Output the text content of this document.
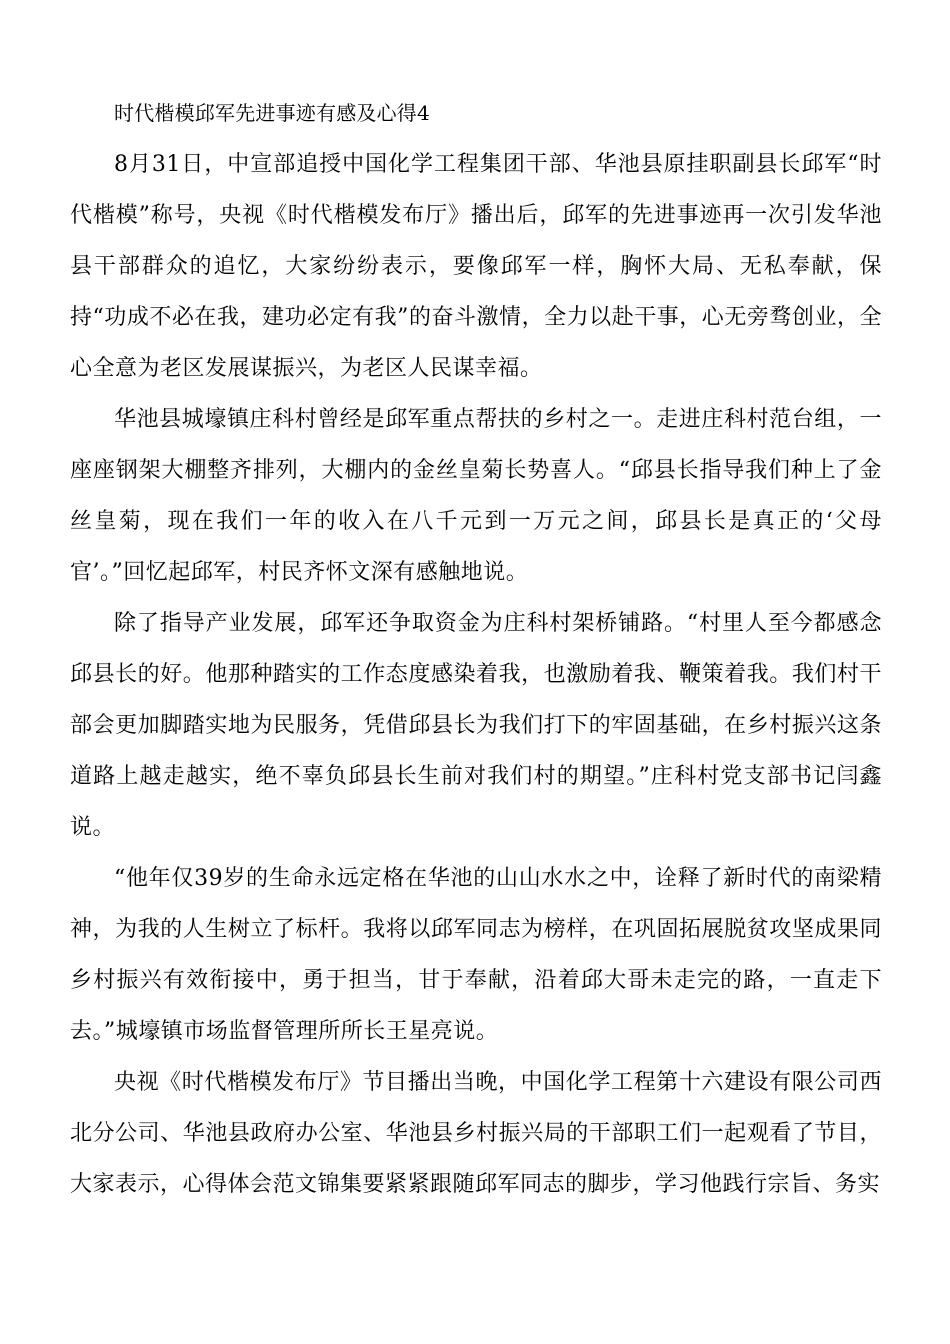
时代楷模邱军先进事迹有感及心得4

8月31日，中宣部追授中国化学工程集团干部、华池县原挂职副县长邱军“时代楷模”称号，央视《时代楷模发布厅》播出后，邱军的先进事迹再一次引发华池县干部群众的追忆，大家纷纷表示，要像邱军一样，胸怀大局、无私奉献，保持“功成不必在我，建功必定有我”的奋斗激情，全力以赴干事，心无旁骛创业，全心全意为老区发展谋振兴，为老区人民谋幸福。

华池县城壕镇庄科村曾经是邱军重点帮扶的乡村之一。走进庄科村范台组，一座座钢架大棚整齐排列，大棚内的金丝皇菊长势喜人。“邱县长指导我们种上了金丝皇菊，现在我们一年的收入在八千元到一万元之间，邱县长是真正的‘父母官’。”回忆起邱军，村民齐怀文深有感触地说。

除了指导产业发展，邱军还争取资金为庄科村架桥铺路。“村里人至今都感念邱县长的好。他那种踏实的工作态度感染着我，也激励着我、鞭策着我。我们村干部会更加脚踏实地为民服务，凭借邱县长为我们打下的牢固基础，在乡村振兴这条道路上越走越实，绝不辜负邱县长生前对我们村的期望。”庄科村党支部书记闫鑫说。

“他年仅39岁的生命永远定格在华池的山山水水之中，诠释了新时代的南梁精神，为我的人生树立了标杆。我将以邱军同志为榜样，在巩固拓展脱贫攻坚成果同乡村振兴有效衔接中，勇于担当，甘于奉献，沿着邱大哥未走完的路，一直走下去。”城壕镇市场监督管理所所长王星亮说。

央视《时代楷模发布厅》节目播出当晚，中国化学工程第十六建设有限公司西北分公司、华池县政府办公室、华池县乡村振兴局的干部职工们一起观看了节目，大家表示，心得体会范文锦集要紧紧跟随邱军同志的脚步，学习他践行宗旨、务实
